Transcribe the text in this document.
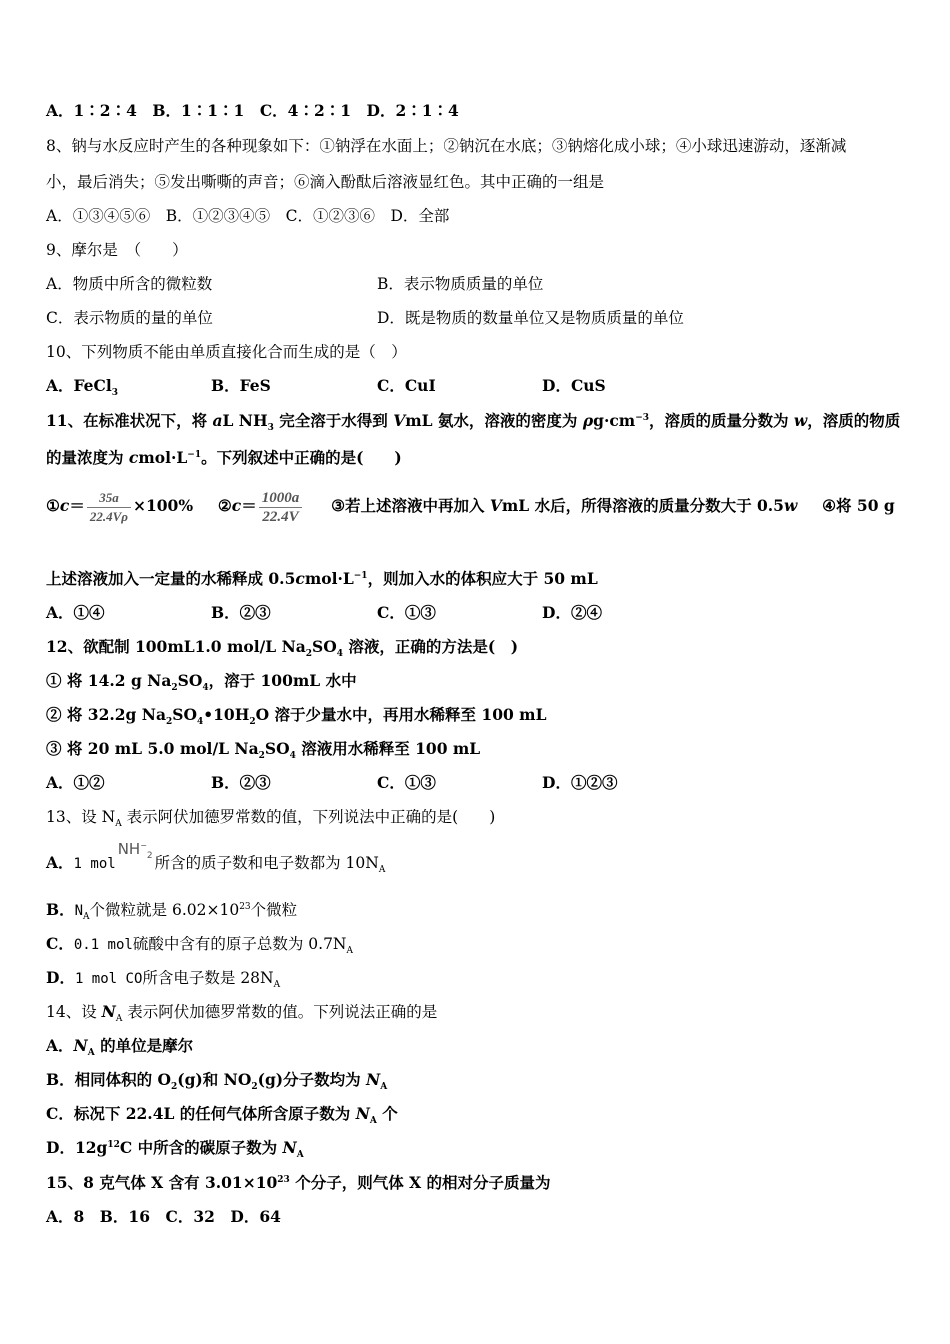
A．1∶2∶4　B．1∶1∶1　C．4∶2∶1　D．2∶1∶4
8、钠与水反应时产生的各种现象如下：①钠浮在水面上；②钠沉在水底；③钠熔化成小球；④小球迅速游动，逐渐减
小，最后消失；⑤发出嘶嘶的声音；⑥滴入酚酞后溶液显红色。其中正确的一组是
A．①③④⑤⑥　B．①②③④⑤　C．①②③⑥　D．全部
9、摩尔是　（　　）
A．物质中所含的微粒数	B．表示物质质量的单位
C．表示物质的量的单位	D．既是物质的数量单位又是物质质量的单位
10、下列物质不能由单质直接化合而生成的是（　）
A．FeCl$_3$	B．FeS	C．CuI	D．CuS
11、在标准状况下，将 aL $NH_3$ 完全溶于水得到 VmL 氨水，溶液的密度为 $\rho g\cdot cm^{-3}$，溶质的质量分数为 w，溶质的物质
的量浓度为 $cmol\cdot L^{-1}$。下列叙述中正确的是(　　)
①c＝ $\frac{35a}{22.4V\rho} \times 100\%$ ②c＝ $\frac{1000a}{22.4V}$ ③若上述溶液中再加入 VmL 水后，所得溶液的质量分数大于 0.5w ④将 50 g
上述溶液加入一定量的水稀释成 $0.5cmol\cdot L^{-1}$，则加入水的体积应大于 50 mL
A．①④	B．②③	C．①③	D．②④
12、欲配制 100mL1.0 mol/L $Na_2SO_4$ 溶液，正确的方法是(　)
① 将 14.2 g $Na_2SO_4$，溶于 100mL 水中
② 将 32.2g $Na_2SO_4•10H_2O$ 溶于少量水中，再用水稀释至 100 mL
③ 将 20 mL 5.0 mol/L $Na_2SO_4$ 溶液用水稀释至 100 mL
A．①②	B．②③	C．①③	D．①②③
13、设 $N_A$ 表示阿伏加德罗常数的值，下列说法中正确的是(　　)
A．1 molNH−$_2$ 所含的质子数和电子数都为 $10N_A$
B．$N_A$个微粒就是 $6.02\times 10^{23}$个微粒
C．0.1 mol硫酸中含有的原子总数为 $0.7N_A$
D．1 mol CO所含电子数是 $28N_A$
14、设 $N_A$ 表示阿伏加德罗常数的值。下列说法正确的是
A．$N_A$ 的单位是摩尔
B．相同体积的 $O_2(g)$和 $NO_2(g)$分子数均为 $N_A$
C．标况下 22.4L 的任何气体所含原子数为 $N_A$ 个
D．$12g^{12}C$ 中所含的碳原子数为 $N_A$
15、8 克气体 X 含有 $3.01\times 10^{23}$ 个分子，则气体 X 的相对分子质量为
A．8　B．16　C．32　D．64
